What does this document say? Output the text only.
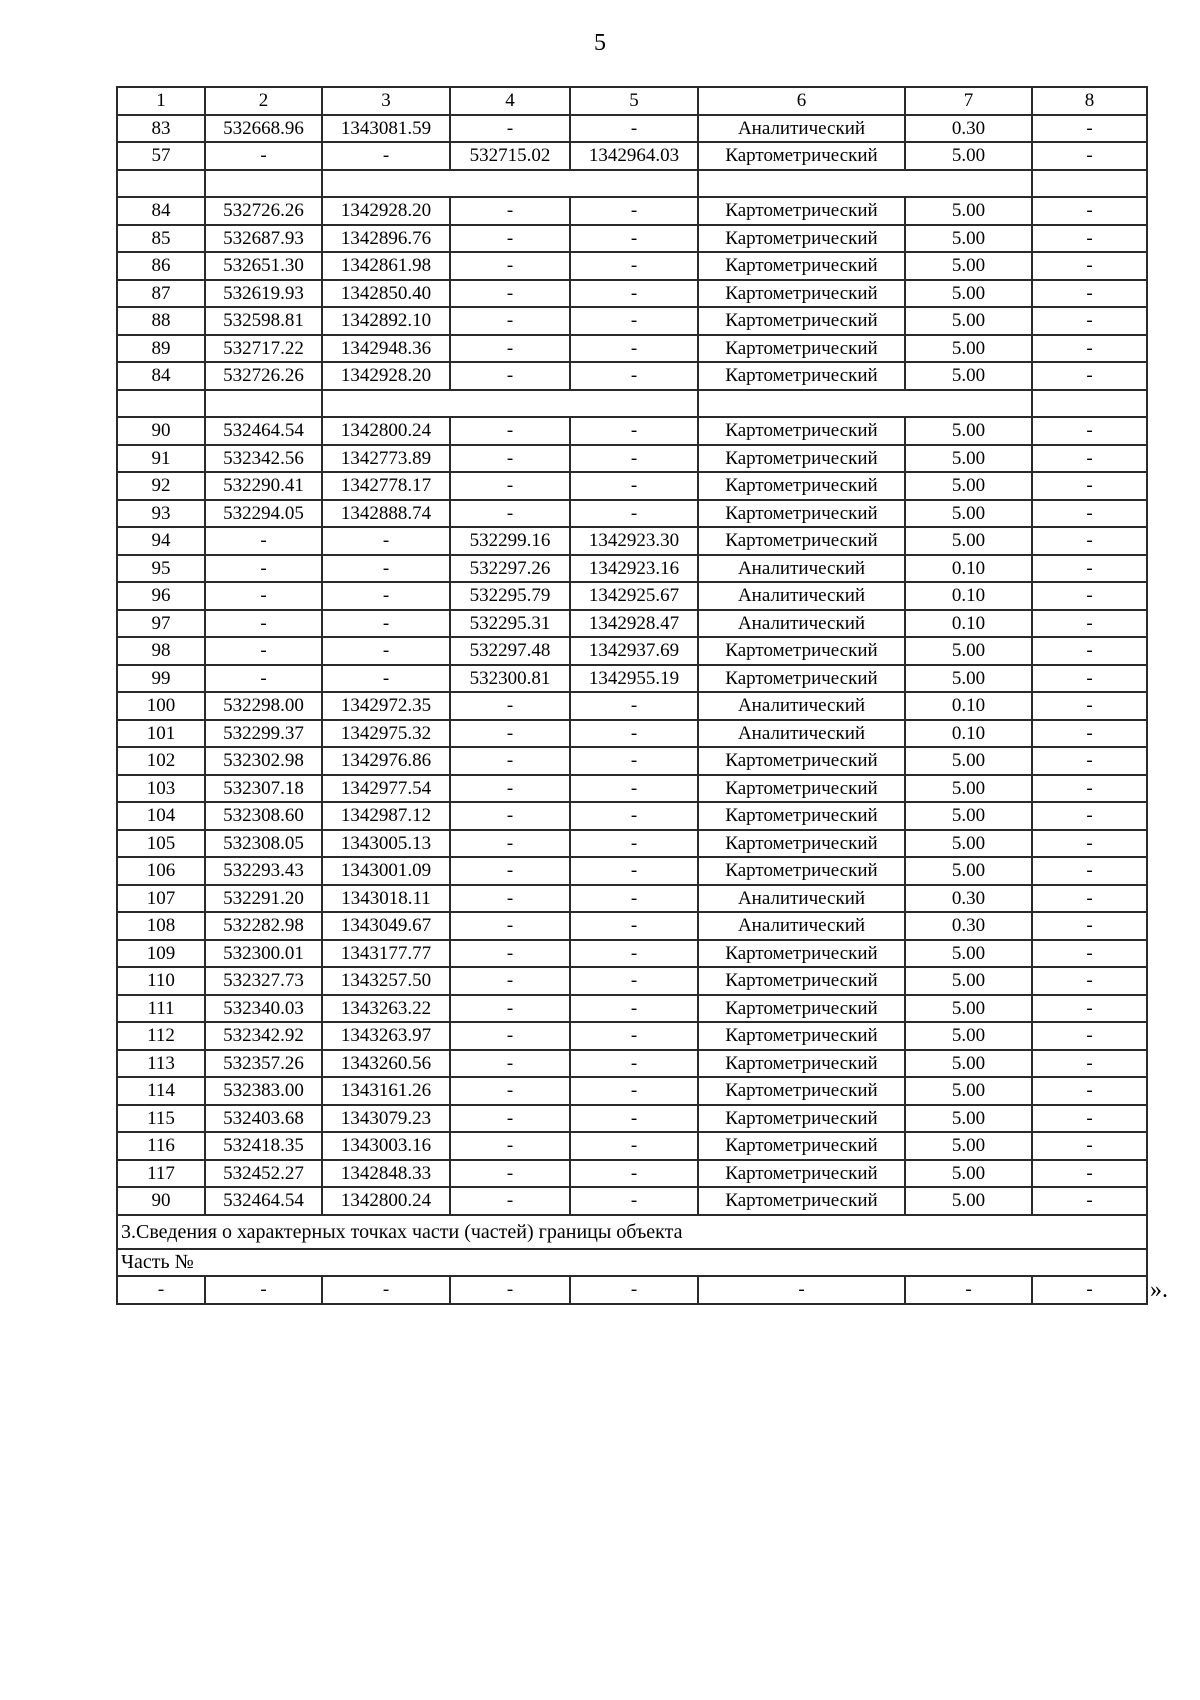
5
1	2	3	4	5	6	7	8
83	532668.96	1343081.59	-	-	Аналитический	0.30	-
57	-	-	532715.02	1342964.03	Картометрический	5.00	-

84	532726.26	1342928.20	-	-	Картометрический	5.00	-
85	532687.93	1342896.76	-	-	Картометрический	5.00	-
86	532651.30	1342861.98	-	-	Картометрический	5.00	-
87	532619.93	1342850.40	-	-	Картометрический	5.00	-
88	532598.81	1342892.10	-	-	Картометрический	5.00	-
89	532717.22	1342948.36	-	-	Картометрический	5.00	-
84	532726.26	1342928.20	-	-	Картометрический	5.00	-

90	532464.54	1342800.24	-	-	Картометрический	5.00	-
91	532342.56	1342773.89	-	-	Картометрический	5.00	-
92	532290.41	1342778.17	-	-	Картометрический	5.00	-
93	532294.05	1342888.74	-	-	Картометрический	5.00	-
94	-	-	532299.16	1342923.30	Картометрический	5.00	-
95	-	-	532297.26	1342923.16	Аналитический	0.10	-
96	-	-	532295.79	1342925.67	Аналитический	0.10	-
97	-	-	532295.31	1342928.47	Аналитический	0.10	-
98	-	-	532297.48	1342937.69	Картометрический	5.00	-
99	-	-	532300.81	1342955.19	Картометрический	5.00	-
100	532298.00	1342972.35	-	-	Аналитический	0.10	-
101	532299.37	1342975.32	-	-	Аналитический	0.10	-
102	532302.98	1342976.86	-	-	Картометрический	5.00	-
103	532307.18	1342977.54	-	-	Картометрический	5.00	-
104	532308.60	1342987.12	-	-	Картометрический	5.00	-
105	532308.05	1343005.13	-	-	Картометрический	5.00	-
106	532293.43	1343001.09	-	-	Картометрический	5.00	-
107	532291.20	1343018.11	-	-	Аналитический	0.30	-
108	532282.98	1343049.67	-	-	Аналитический	0.30	-
109	532300.01	1343177.77	-	-	Картометрический	5.00	-
110	532327.73	1343257.50	-	-	Картометрический	5.00	-
111	532340.03	1343263.22	-	-	Картометрический	5.00	-
112	532342.92	1343263.97	-	-	Картометрический	5.00	-
113	532357.26	1343260.56	-	-	Картометрический	5.00	-
114	532383.00	1343161.26	-	-	Картометрический	5.00	-
115	532403.68	1343079.23	-	-	Картометрический	5.00	-
116	532418.35	1343003.16	-	-	Картометрический	5.00	-
117	532452.27	1342848.33	-	-	Картометрический	5.00	-
90	532464.54	1342800.24	-	-	Картометрический	5.00	-
3.Сведения о характерных точках части (частей) границы объекта							
Часть №							
-	-	-	-	-	-	-	- ».
